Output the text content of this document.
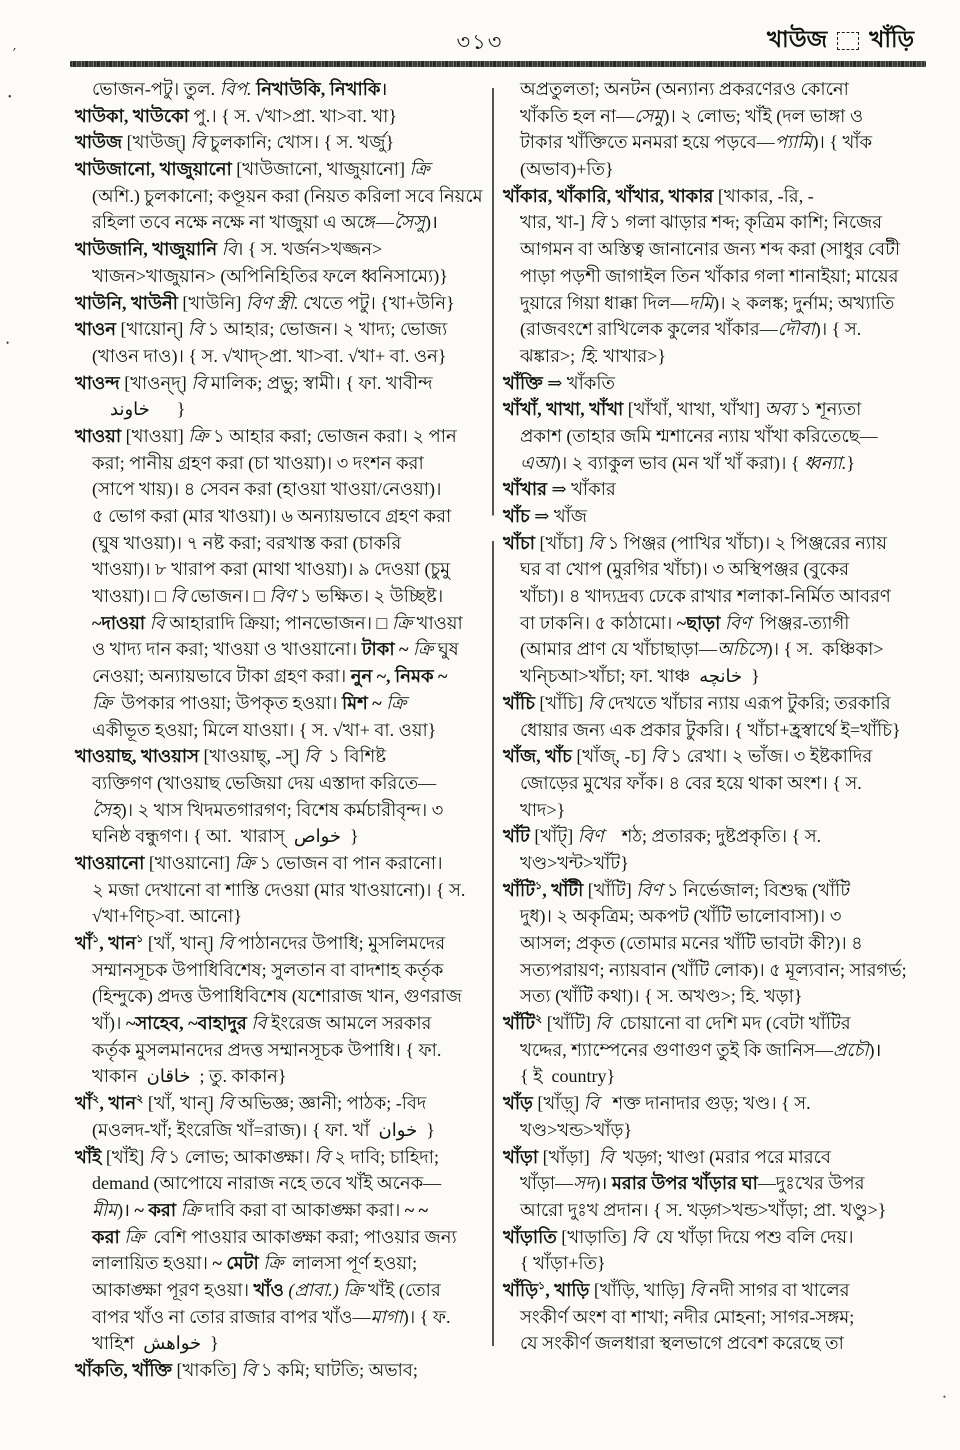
৩১৩	খাউজ খাঁড়ি
′
•
•
•
ভোজন-পটু। তুল. বিপ. নিখাউকি, নিখাকি।
খাউকা, খাউকো পু.। { স. √খা>প্রা. খা>বা. খা}
খাউজ [খাউজ্] বি চুলকানি; খোস। { স. খর্জু}
খাউজানো, খাজুয়ানো [খাউজানো, খাজুয়ানো] ক্রি
(অশি.) চুলকানো; কণ্ডূয়ন করা (নিয়ত করিলা সবে নিয়মে
রহিলা তবে নক্ষে নক্ষে না খাজুয়া এ অঙ্গে—সৈসু)।
খাউজানি, খাজুয়ানি বি। { স. খর্জন>খজ্জন>
খাজন>খাজুয়ান> (অপিনিহিতির ফলে ধ্বনিসাম্যে)}
খাউনি, খাউনী [খাউনি] বিণ স্ত্রী. খেতে পটু। {খা+উনি}
খাওন [খায়োন্] বি ১ আহার; ভোজন। ২ খাদ্য; ভোজ্য
(খাওন দাও)। { স. √খাদ্>প্রা. খা>বা. √খা+ বা. ওন}
খাওন্দ [খাওন্দ্] বি মালিক; প্রভু; স্বামী। { ফা. খাবীন্দ
خاوند      }
খাওয়া [খাওয়া] ক্রি ১ আহার করা; ভোজন করা। ২ পান
করা; পানীয় গ্রহণ করা (চা খাওয়া)। ৩ দংশন করা
(সাপে খায়)। ৪ সেবন করা (হাওয়া খাওয়া/নেওয়া)।
৫ ভোগ করা (মার খাওয়া)। ৬ অন্যায়ভাবে গ্রহণ করা
(ঘুষ খাওয়া)। ৭ নষ্ট করা; বরখাস্ত করা (চাকরি
খাওয়া)। ৮ খারাপ করা (মাথা খাওয়া)। ৯ দেওয়া (চুমু
খাওয়া)। □ বি ভোজন। □ বিণ ১ ভক্ষিত। ২ উচ্ছিষ্ট।
~দাওয়া বি আহারাদি ক্রিয়া; পানভোজন। □ ক্রি খাওয়া
ও খাদ্য দান করা; খাওয়া ও খাওয়ানো। টাকা ~ ক্রি ঘুষ
নেওয়া; অন্যায়ভাবে টাকা গ্রহণ করা। নুন ~, নিমক ~
ক্রি  উপকার পাওয়া; উপকৃত হওয়া। মিশ ~ ক্রি
একীভূত হওয়া; মিলে যাওয়া। { স. √খা+ বা. ওয়া}
খাওয়াছ, খাওয়াস [খাওয়াছ্, -স্] বি  ১ বিশিষ্ট
ব্যক্তিগণ (খাওয়াছ ভেজিয়া দেয় এস্তাদা করিতে—
সৈহ)। ২ খাস খিদমতগারগণ; বিশেষ কর্মচারীবৃন্দ। ৩
ঘনিষ্ঠ বন্ধুগণ। { আ.  খারাস্  خواص  }
খাওয়ানো [খাওয়ানো] ক্রি ১ ভোজন বা পান করানো।
২ মজা দেখানো বা শাস্তি দেওয়া (মার খাওয়ানো)। { স.
√খা+ণিচ্>বা. আনো}
খাঁ$^১$, খান$^১$ [খাঁ, খান্] বি পাঠানদের উপাধি; মুসলিমদের
সম্মানসূচক উপাধিবিশেষ; সুলতান বা বাদশাহ কর্তৃক
(হিন্দুকে) প্রদত্ত উপাধিবিশেষ (যশোরাজ খান, গুণরাজ
খাঁ)। ~সাহেব, ~বাহাদুর বি ইংরেজ আমলে সরকার
কর্তৃক মুসলমানদের প্রদত্ত সম্মানসূচক উপাধি। { ফা.
খাকান  خاقان  ; তু. কাকান}
খাঁ$^২$, খান$^২$ [খাঁ, খান্] বি অভিজ্ঞ; জ্ঞানী; পাঠক; -বিদ
(মওলদ-খাঁ; ইংরেজি খাঁ=রাজ)। { ফা. খাঁ  خوان  }
খাঁই [খাঁই] বি ১ লোভ; আকাঙ্ক্ষা। বি ২ দাবি; চাহিদা;
demand (আপোযে নারাজ নহে তবে খাঁই অনেক—
মীম)। ~ করা ক্রি দাবি করা বা আকাঙ্ক্ষা করা। ~ ~
করা ক্রি  বেশি পাওয়ার আকাঙ্ক্ষা করা; পাওয়ার জন্য
লালায়িত হওয়া। ~ মেটা ক্রি  লালসা পূর্ণ হওয়া;
আকাঙ্ক্ষা পূরণ হওয়া। খাঁও (প্রাবা.) ক্রি খাঁই (তোর
বাপর খাঁও না তোর রাজার বাপর খাঁও—মাগা)। { ফ.
খাহিশ  خواهش  }
খাঁকতি, খাঁক্তি [খাকতি] বি ১ কমি; ঘাটতি; অভাব;
অপ্রতুলতা; অনটন (অন্যান্য প্রকরণেরও কোনো
খাঁকতি হল না—সেমু)। ২ লোভ; খাঁই (দল ভাঙ্গা ও
টাকার খাঁক্তিতে মনমরা হয়ে পড়বে—প্যামি)। { খাঁক
(অভাব)+তি}
খাঁকার, খাঁকারি, খাঁখার, খাকার [খাকার, -রি, -
খার, খা-] বি ১ গলা ঝাড়ার শব্দ; কৃত্রিম কাশি; নিজের
আগমন বা অস্তিত্ব জানানোর জন্য শব্দ করা (সাধুর বেটী
পাড়া পড়শী জাগাইল তিন খাঁকার গলা শানাইয়া; মায়ের
দুয়ারে গিয়া ধাক্কা দিল—দমি)। ২ কলঙ্ক; দুর্নাম; অখ্যাতি
(রাজবংশে রাখিলেক কুলের খাঁকার—দৌবা)। { স.
ঝঙ্কার>; হি. খাখার>}
খাঁক্তি ⇒ খাঁকতি
খাঁখাঁ, খাখা, খাঁখা [খাঁখাঁ, খাখা, খাঁখা] অব্য ১ শূন্যতা
প্রকাশ (তাহার জমি শ্মশানের ন্যায় খাঁখা করিতেছে—
এআ)। ২ ব্যাকুল ভাব (মন খাঁ খাঁ করা)। { ধ্বন্যা.}
খাঁখার ⇒ খাঁকার
খাঁচ ⇒ খাঁজ
খাঁচা [খাঁচা] বি ১ পিঞ্জর (পাখির খাঁচা)। ২ পিঞ্জরের ন্যায়
ঘর বা খোপ (মুরগির খাঁচা)। ৩ অস্থিপঞ্জর (বুকের
খাঁচা)। ৪ খাদ্যদ্রব্য ঢেকে রাখার শলাকা-নির্মিত আবরণ
বা ঢাকনি। ৫ কাঠামো। ~ছাড়া বিণ  পিঞ্জর-ত্যাগী
(আমার প্রাণ যে খাঁচাছাড়া—অচিসে)। { স.  কঞ্চিকা>
খন্চিআ>খাঁচা; ফা. খাঞ্চ  خانچه  }
খাঁচি [খাঁচি] বি দেখতে খাঁচার ন্যায় এরূপ টুকরি; তরকারি
ধোয়ার জন্য এক প্রকার টুকরি। { খাঁচা+হ্রস্বার্থে ই=খাঁচি}
খাঁজ, খাঁচ [খাঁজ্, -চ] বি ১ রেখা। ২ ভাঁজ। ৩ ইষ্টকাদির
জোড়ের মুখের ফাঁক। ৪ বের হয়ে থাকা অংশ। { স.
খাদ>}
খাঁট [খাঁট্] বিণ    শঠ; প্রতারক; দুষ্টপ্রকৃতি। { স.
খণ্ড>খন্ট>খাঁট}
খাঁটি$^১$, খাঁটী [খাঁটি] বিণ ১ নির্ভেজাল; বিশুদ্ধ (খাঁটি
দুধ)। ২ অকৃত্রিম; অকপট (খাঁটি ভালোবাসা)। ৩
আসল; প্রকৃত (তোমার মনের খাঁটি ভাবটা কী?)। ৪
সত্যপরায়ণ; ন্যায়বান (খাঁটি লোক)। ৫ মূল্যবান; সারগর্ভ;
সত্য (খাঁটি কথা)। { স. অখণ্ড>; হি. খড়া}
খাঁটি$^২$ [খাঁটি] বি  চোয়ানো বা দেশি মদ (বেটা খাঁটির
খদ্দের, শ্যাম্পেনের গুণাগুণ তুই কি জানিস—প্রচৌ)।
{ ই  country}
খাঁড় [খাঁড়্] বি   শক্ত দানাদার গুড়; খণ্ড। { স.
খণ্ড>খন্ড>খাঁড়}
খাঁড়া [খাঁড়া]  বি  খড়্গ; খাণ্ডা (মরার পরে মারবে
খাঁড়া—সদ)। মরার উপর খাঁড়ার ঘা—দুঃখের উপর
আরো দুঃখ প্রদান। { স. খড়্গ>খন্ড>খাঁড়া; প্রা. খণ্ডু>}
খাঁড়াতি [খাড়াতি] বি  যে খাঁড়া দিয়ে পশু বলি দেয়।
{ খাঁড়া+তি}
খাঁড়ি$^১$, খাড়ি [খাঁড়ি, খাড়ি] বি নদী সাগর বা খালের
সংকীর্ণ অংশ বা শাখা; নদীর মোহনা; সাগর-সঙ্গম;
যে সংকীর্ণ জলধারা স্থলভাগে প্রবেশ করেছে তা
